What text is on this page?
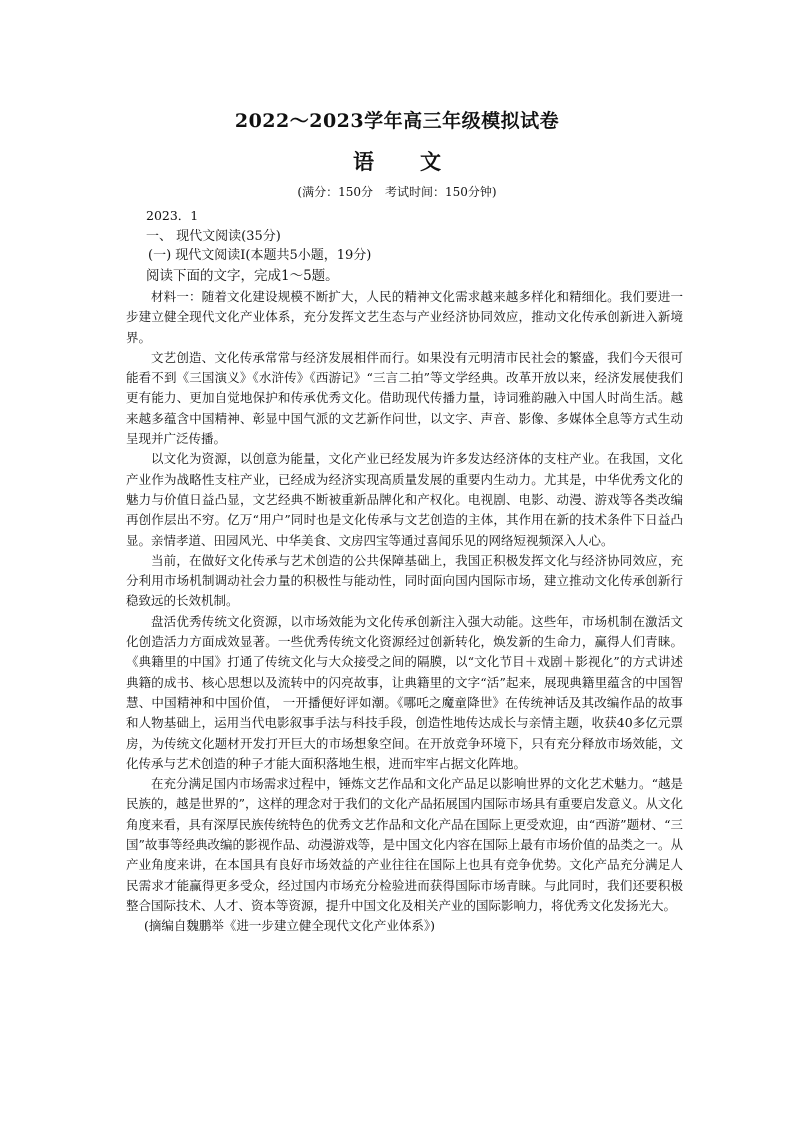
2022～2023学年高三年级模拟试卷
语文
(满分：150分　考试时间：150分钟)
2023．1
一、 现代文阅读(35分)
(一) 现代文阅读Ⅰ(本题共5小题，19分)
阅读下面的文字，完成1～5题。

材料一：随着文化建设规模不断扩大，人民的精神文化需求越来越多样化和精细化。我们要进一步建立健全现代文化产业体系，充分发挥文艺生态与产业经济协同效应，推动文化传承创新进入新境界。

文艺创造、文化传承常常与经济发展相伴而行。如果没有元明清市民社会的繁盛，我们今天很可能看不到《三国演义》《水浒传》《西游记》“三言二拍”等文学经典。改革开放以来，经济发展使我们更有能力、更加自觉地保护和传承优秀文化。借助现代传播力量，诗词雅韵融入中国人时尚生活。越来越多蕴含中国精神、彰显中国气派的文艺新作问世，以文字、声音、影像、多媒体全息等方式生动呈现并广泛传播。

以文化为资源，以创意为能量，文化产业已经发展为许多发达经济体的支柱产业。在我国，文化产业作为战略性支柱产业，已经成为经济实现高质量发展的重要内生动力。尤其是，中华优秀文化的魅力与价值日益凸显，文艺经典不断被重新品牌化和产权化。电视剧、电影、动漫、游戏等各类改编再创作层出不穷。亿万“用户”同时也是文化传承与文艺创造的主体，其作用在新的技术条件下日益凸显。亲情孝道、田园风光、中华美食、文房四宝等通过喜闻乐见的网络短视频深入人心。

当前，在做好文化传承与艺术创造的公共保障基础上，我国正积极发挥文化与经济协同效应，充分利用市场机制调动社会力量的积极性与能动性，同时面向国内国际市场，建立推动文化传承创新行稳致远的长效机制。

盘活优秀传统文化资源，以市场效能为文化传承创新注入强大动能。这些年，市场机制在激活文化创造活力方面成效显著。一些优秀传统文化资源经过创新转化，焕发新的生命力，赢得人们青睐。《典籍里的中国》打通了传统文化与大众接受之间的隔膜，以“文化节目＋戏剧＋影视化”的方式讲述典籍的成书、核心思想以及流转中的闪亮故事，让典籍里的文字“活”起来，展现典籍里蕴含的中国智慧、中国精神和中国价值， 一开播便好评如潮。《哪吒之魔童降世》在传统神话及其改编作品的故事和人物基础上，运用当代电影叙事手法与科技手段，创造性地传达成长与亲情主题，收获40多亿元票房，为传统文化题材开发打开巨大的市场想象空间。在开放竞争环境下，只有充分释放市场效能，文化传承与艺术创造的种子才能大面积落地生根，进而牢牢占据文化阵地。

在充分满足国内市场需求过程中，锤炼文艺作品和文化产品足以影响世界的文化艺术魅力。“越是民族的，越是世界的”，这样的理念对于我们的文化产品拓展国内国际市场具有重要启发意义。从文化角度来看，具有深厚民族传统特色的优秀文艺作品和文化产品在国际上更受欢迎，由“西游”题材、“三国”故事等经典改编的影视作品、动漫游戏等，是中国文化内容在国际上最有市场价值的品类之一。从产业角度来讲，在本国具有良好市场效益的产业往往在国际上也具有竞争优势。文化产品充分满足人民需求才能赢得更多受众，经过国内市场充分检验进而获得国际市场青睐。与此同时，我们还要积极整合国际技术、人才、资本等资源，提升中国文化及相关产业的国际影响力，将优秀文化发扬光大。

(摘编自魏鹏举《进一步建立健全现代文化产业体系》)
